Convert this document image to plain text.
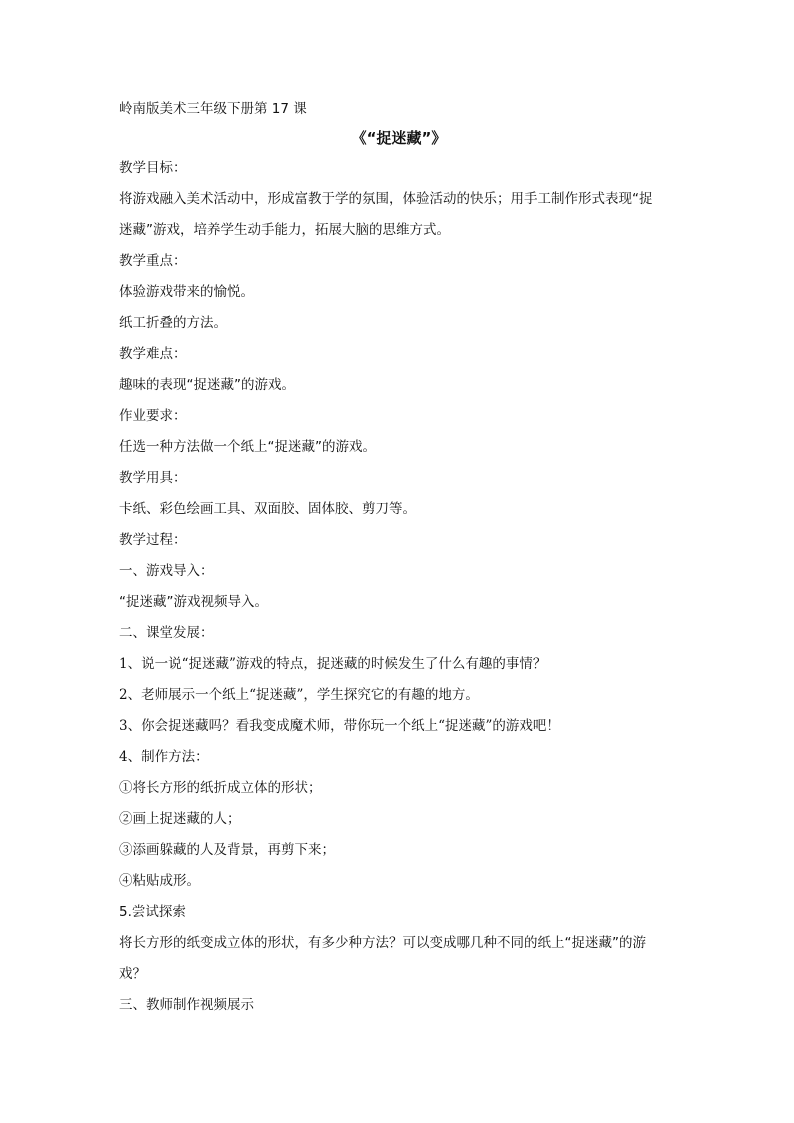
岭南版美术三年级下册第 17 课
《“捉迷藏”》
教学目标：
将游戏融入美术活动中，形成富教于学的氛围，体验活动的快乐；用手工制作形式表现“捉
迷藏”游戏，培养学生动手能力，拓展大脑的思维方式。
教学重点：
体验游戏带来的愉悦。
纸工折叠的方法。
教学难点：
趣味的表现“捉迷藏”的游戏。
作业要求：
任选一种方法做一个纸上“捉迷藏”的游戏。
教学用具：
卡纸、彩色绘画工具、双面胶、固体胶、剪刀等。
教学过程：
一、游戏导入：
“捉迷藏”游戏视频导入。
二、课堂发展：
1、说一说“捉迷藏”游戏的特点，捉迷藏的时候发生了什么有趣的事情？
2、老师展示一个纸上“捉迷藏”，学生探究它的有趣的地方。
3、你会捉迷藏吗？看我变成魔术师，带你玩一个纸上“捉迷藏”的游戏吧！
4、制作方法：
①将长方形的纸折成立体的形状；
②画上捉迷藏的人；
③添画躲藏的人及背景，再剪下来；
④粘贴成形。
5.尝试探索
将长方形的纸变成立体的形状，有多少种方法？可以变成哪几种不同的纸上“捉迷藏”的游
戏？
三、教师制作视频展示
